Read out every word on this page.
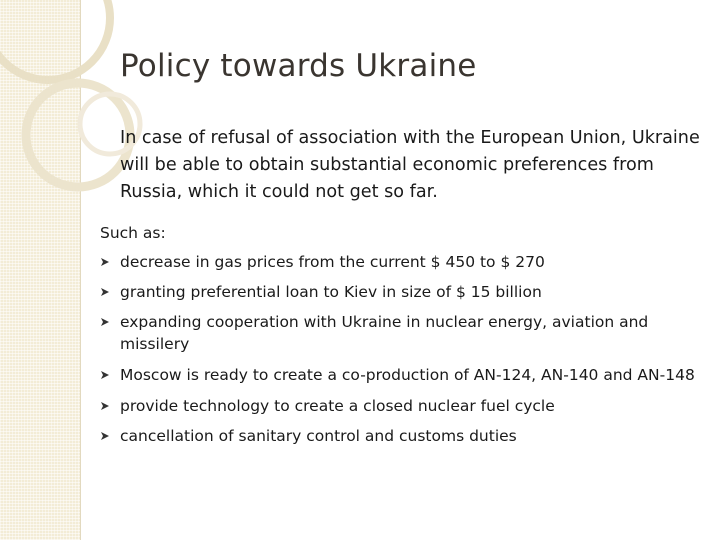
Policy towards Ukraine

In case of refusal of association with the European Union, Ukraine will be able to obtain substantial economic preferences from Russia, which it could not get so far.

Such as:
decrease in gas prices from the current $ 450 to $ 270
granting preferential loan to Kiev in size of $ 15 billion
expanding cooperation with Ukraine in nuclear energy, aviation and missilery
Moscow is ready to create a co-production of AN-124, AN-140 and AN-148
provide technology to create a closed nuclear fuel cycle
cancellation of sanitary control and customs duties
